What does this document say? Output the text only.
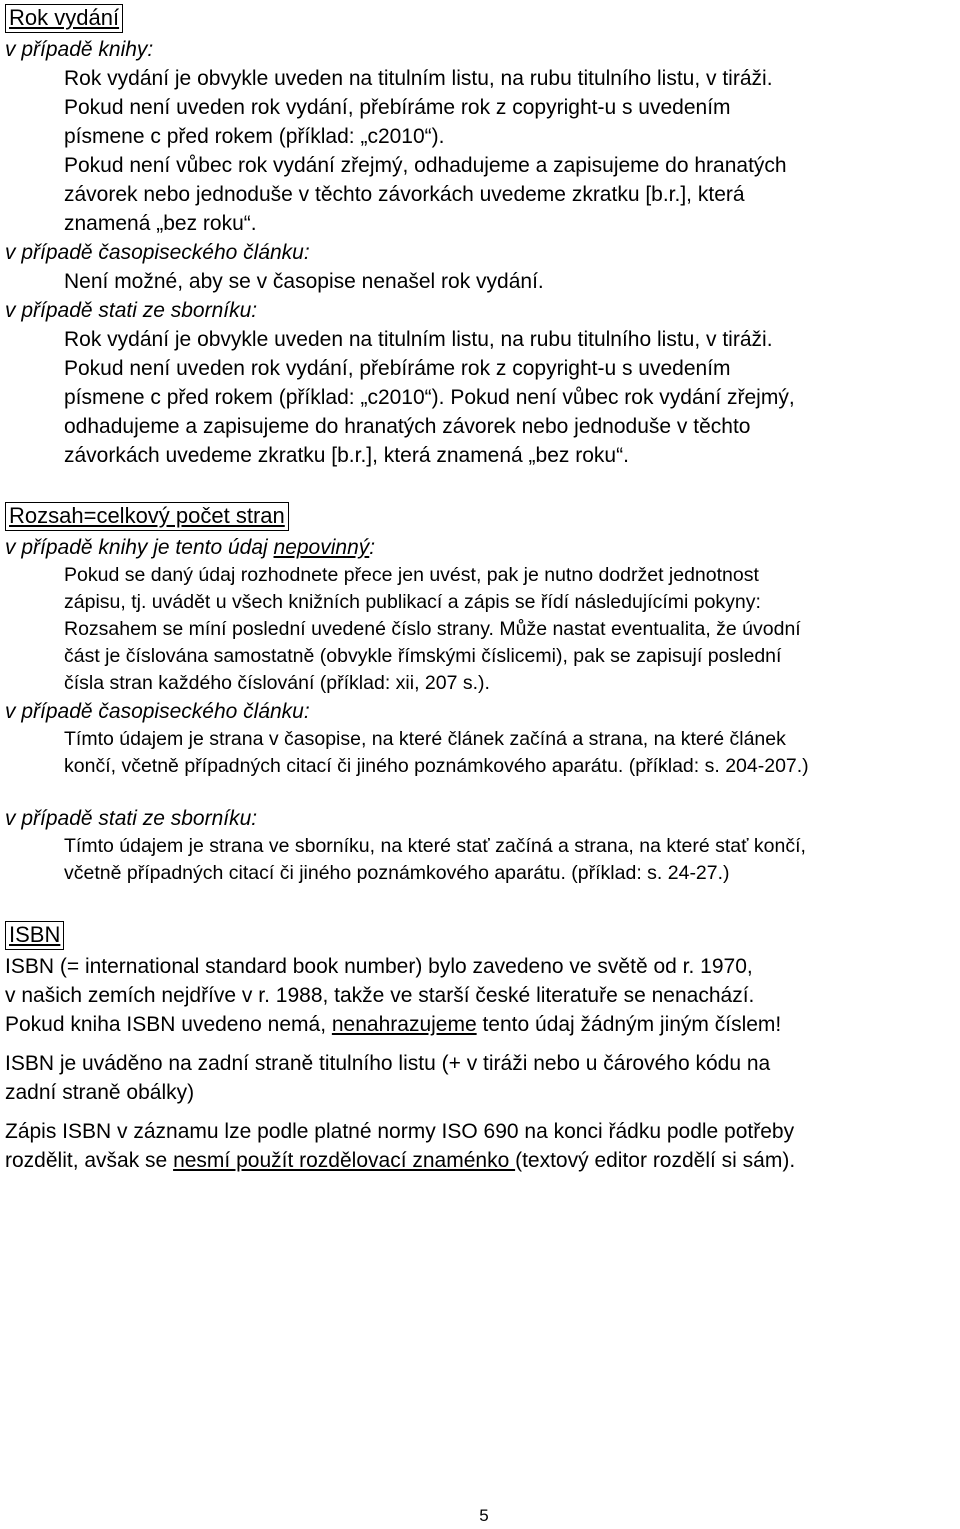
Rok vydání
v případě knihy:

Rok vydání je obvykle uveden na titulním listu, na rubu titulního listu, v tiráži.

Pokud není uveden rok vydání, přebíráme rok z copyright-u s uvedením

písmene c před rokem (příklad: „c2010“).

Pokud není vůbec rok vydání zřejmý, odhadujeme a zapisujeme do hranatých

závorek nebo jednoduše v těchto závorkách uvedeme zkratku [b.r.], která

znamená „bez roku“.

v případě časopiseckého článku:

Není možné, aby se v časopise nenašel rok vydání.

v případě stati ze sborníku:

Rok vydání je obvykle uveden na titulním listu, na rubu titulního listu, v tiráži.

Pokud není uveden rok vydání, přebíráme rok z copyright-u s uvedením

písmene c před rokem (příklad: „c2010“). Pokud není vůbec rok vydání zřejmý,

odhadujeme a zapisujeme do hranatých závorek nebo jednoduše v těchto

závorkách uvedeme zkratku [b.r.], která znamená „bez roku“.

Rozsah=celkový počet stran
v případě knihy je tento údaj nepovinný:

Pokud se daný údaj rozhodnete přece jen uvést, pak je nutno dodržet jednotnost

zápisu, tj. uvádět u všech knižních publikací a zápis se řídí následujícími pokyny:

Rozsahem se míní poslední uvedené číslo strany. Může nastat eventualita, že úvodní

část je číslována samostatně (obvykle římskými číslicemi), pak se zapisují poslední

čísla stran každého číslování (příklad: xii, 207 s.).

v případě časopiseckého článku:

Tímto údajem je strana v časopise, na které článek začíná a strana, na které článek

končí, včetně případných citací či jiného poznámkového aparátu. (příklad: s. 204-207.)

v případě stati ze sborníku:

Tímto údajem je strana ve sborníku, na které stať začíná a strana, na které stať končí,

včetně případných citací či jiného poznámkového aparátu. (příklad: s. 24-27.)

ISBN

ISBN (= international standard book number) bylo zavedeno ve světě od r. 1970,

v našich zemích nejdříve v r. 1988, takže ve starší české literatuře se nenachází.

Pokud kniha ISBN uvedeno nemá, nenahrazujeme tento údaj žádným jiným číslem!

ISBN je uváděno na zadní straně titulního listu (+ v tiráži nebo u čárového kódu na

zadní straně obálky)

Zápis ISBN v záznamu lze podle platné normy ISO 690 na konci řádku podle potřeby

rozdělit, avšak se nesmí použít rozdělovací znaménko (textový editor rozdělí si sám).

5
